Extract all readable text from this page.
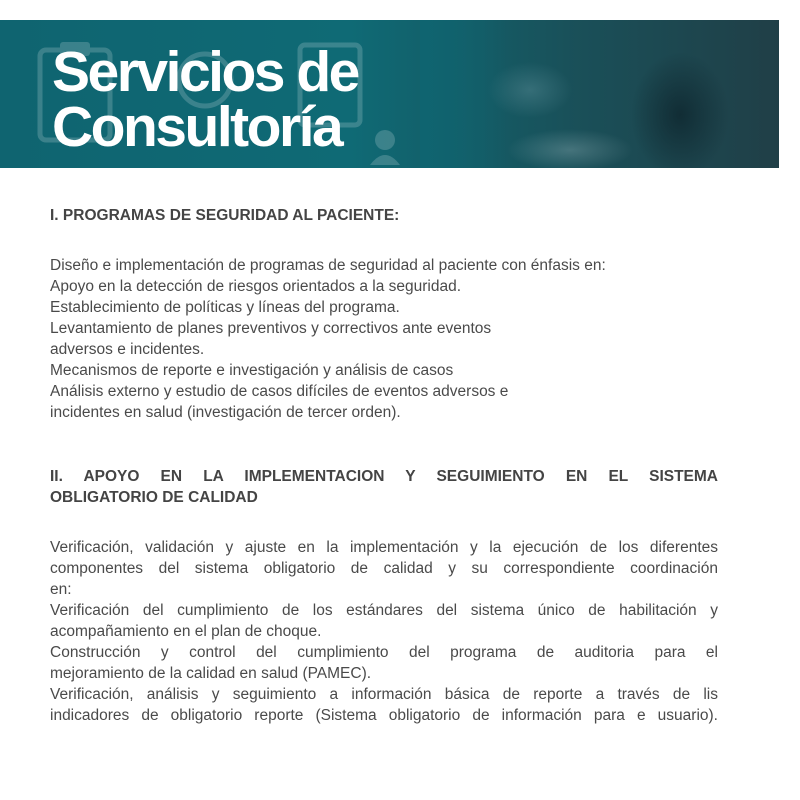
Servicios de
Consultoría
I. PROGRAMAS DE SEGURIDAD AL PACIENTE:
Diseño e implementación de programas de seguridad al paciente con énfasis en:
Apoyo en la detección de riesgos orientados a la seguridad.
Establecimiento de políticas y líneas del programa.
Levantamiento de planes preventivos y correctivos ante eventos
adversos e incidentes.
Mecanismos de reporte e investigación y análisis de casos
Análisis externo y estudio de casos difíciles de eventos adversos e
incidentes en salud (investigación de tercer orden).
II. APOYO EN LA IMPLEMENTACION Y SEGUIMIENTO EN EL SISTEMA
OBLIGATORIO DE CALIDAD
Verificación, validación y ajuste en la implementación y la ejecución de los diferentes
componentes del sistema obligatorio de calidad y su correspondiente coordinación
en:
Verificación del cumplimiento de los estándares del sistema único de habilitación y
acompañamiento en el plan de choque.
Construcción y control del cumplimiento del programa de auditoria para el
mejoramiento de la calidad en salud (PAMEC).
Verificación, análisis y seguimiento a información básica de reporte a través de lis
indicadores de obligatorio reporte (Sistema obligatorio de información para e usuario).
